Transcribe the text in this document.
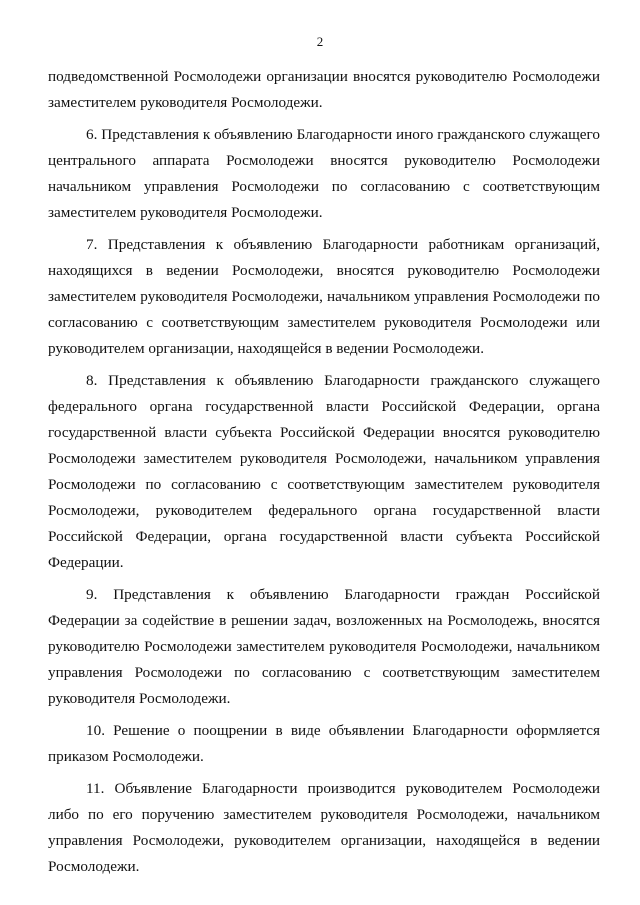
2

подведомственной Росмолодежи организации вносятся руководителю Росмолодежи заместителем руководителя Росмолодежи.

6. Представления к объявлению Благодарности иного гражданского служащего центрального аппарата Росмолодежи вносятся руководителю Росмолодежи начальником управления Росмолодежи по согласованию с соответствующим заместителем руководителя Росмолодежи.

7. Представления к объявлению Благодарности работникам организаций, находящихся в ведении Росмолодежи, вносятся руководителю Росмолодежи заместителем руководителя Росмолодежи, начальником управления Росмолодежи по согласованию с соответствующим заместителем руководителя Росмолодежи или руководителем организации, находящейся в ведении Росмолодежи.

8. Представления к объявлению Благодарности гражданского служащего федерального органа государственной власти Российской Федерации, органа государственной власти субъекта Российской Федерации вносятся руководителю Росмолодежи заместителем руководителя Росмолодежи, начальником управления Росмолодежи по согласованию с соответствующим заместителем руководителя Росмолодежи, руководителем федерального органа государственной власти Российской Федерации, органа государственной власти субъекта Российской Федерации.

9. Представления к объявлению Благодарности граждан Российской Федерации за содействие в решении задач, возложенных на Росмолодежь, вносятся руководителю Росмолодежи заместителем руководителя Росмолодежи, начальником управления Росмолодежи по согласованию с соответствующим заместителем руководителя Росмолодежи.

10. Решение о поощрении в виде объявлении Благодарности оформляется приказом Росмолодежи.

11. Объявление Благодарности производится руководителем Росмолодежи либо по его поручению заместителем руководителя Росмолодежи, начальником управления Росмолодежи, руководителем организации, находящейся в ведении Росмолодежи.
